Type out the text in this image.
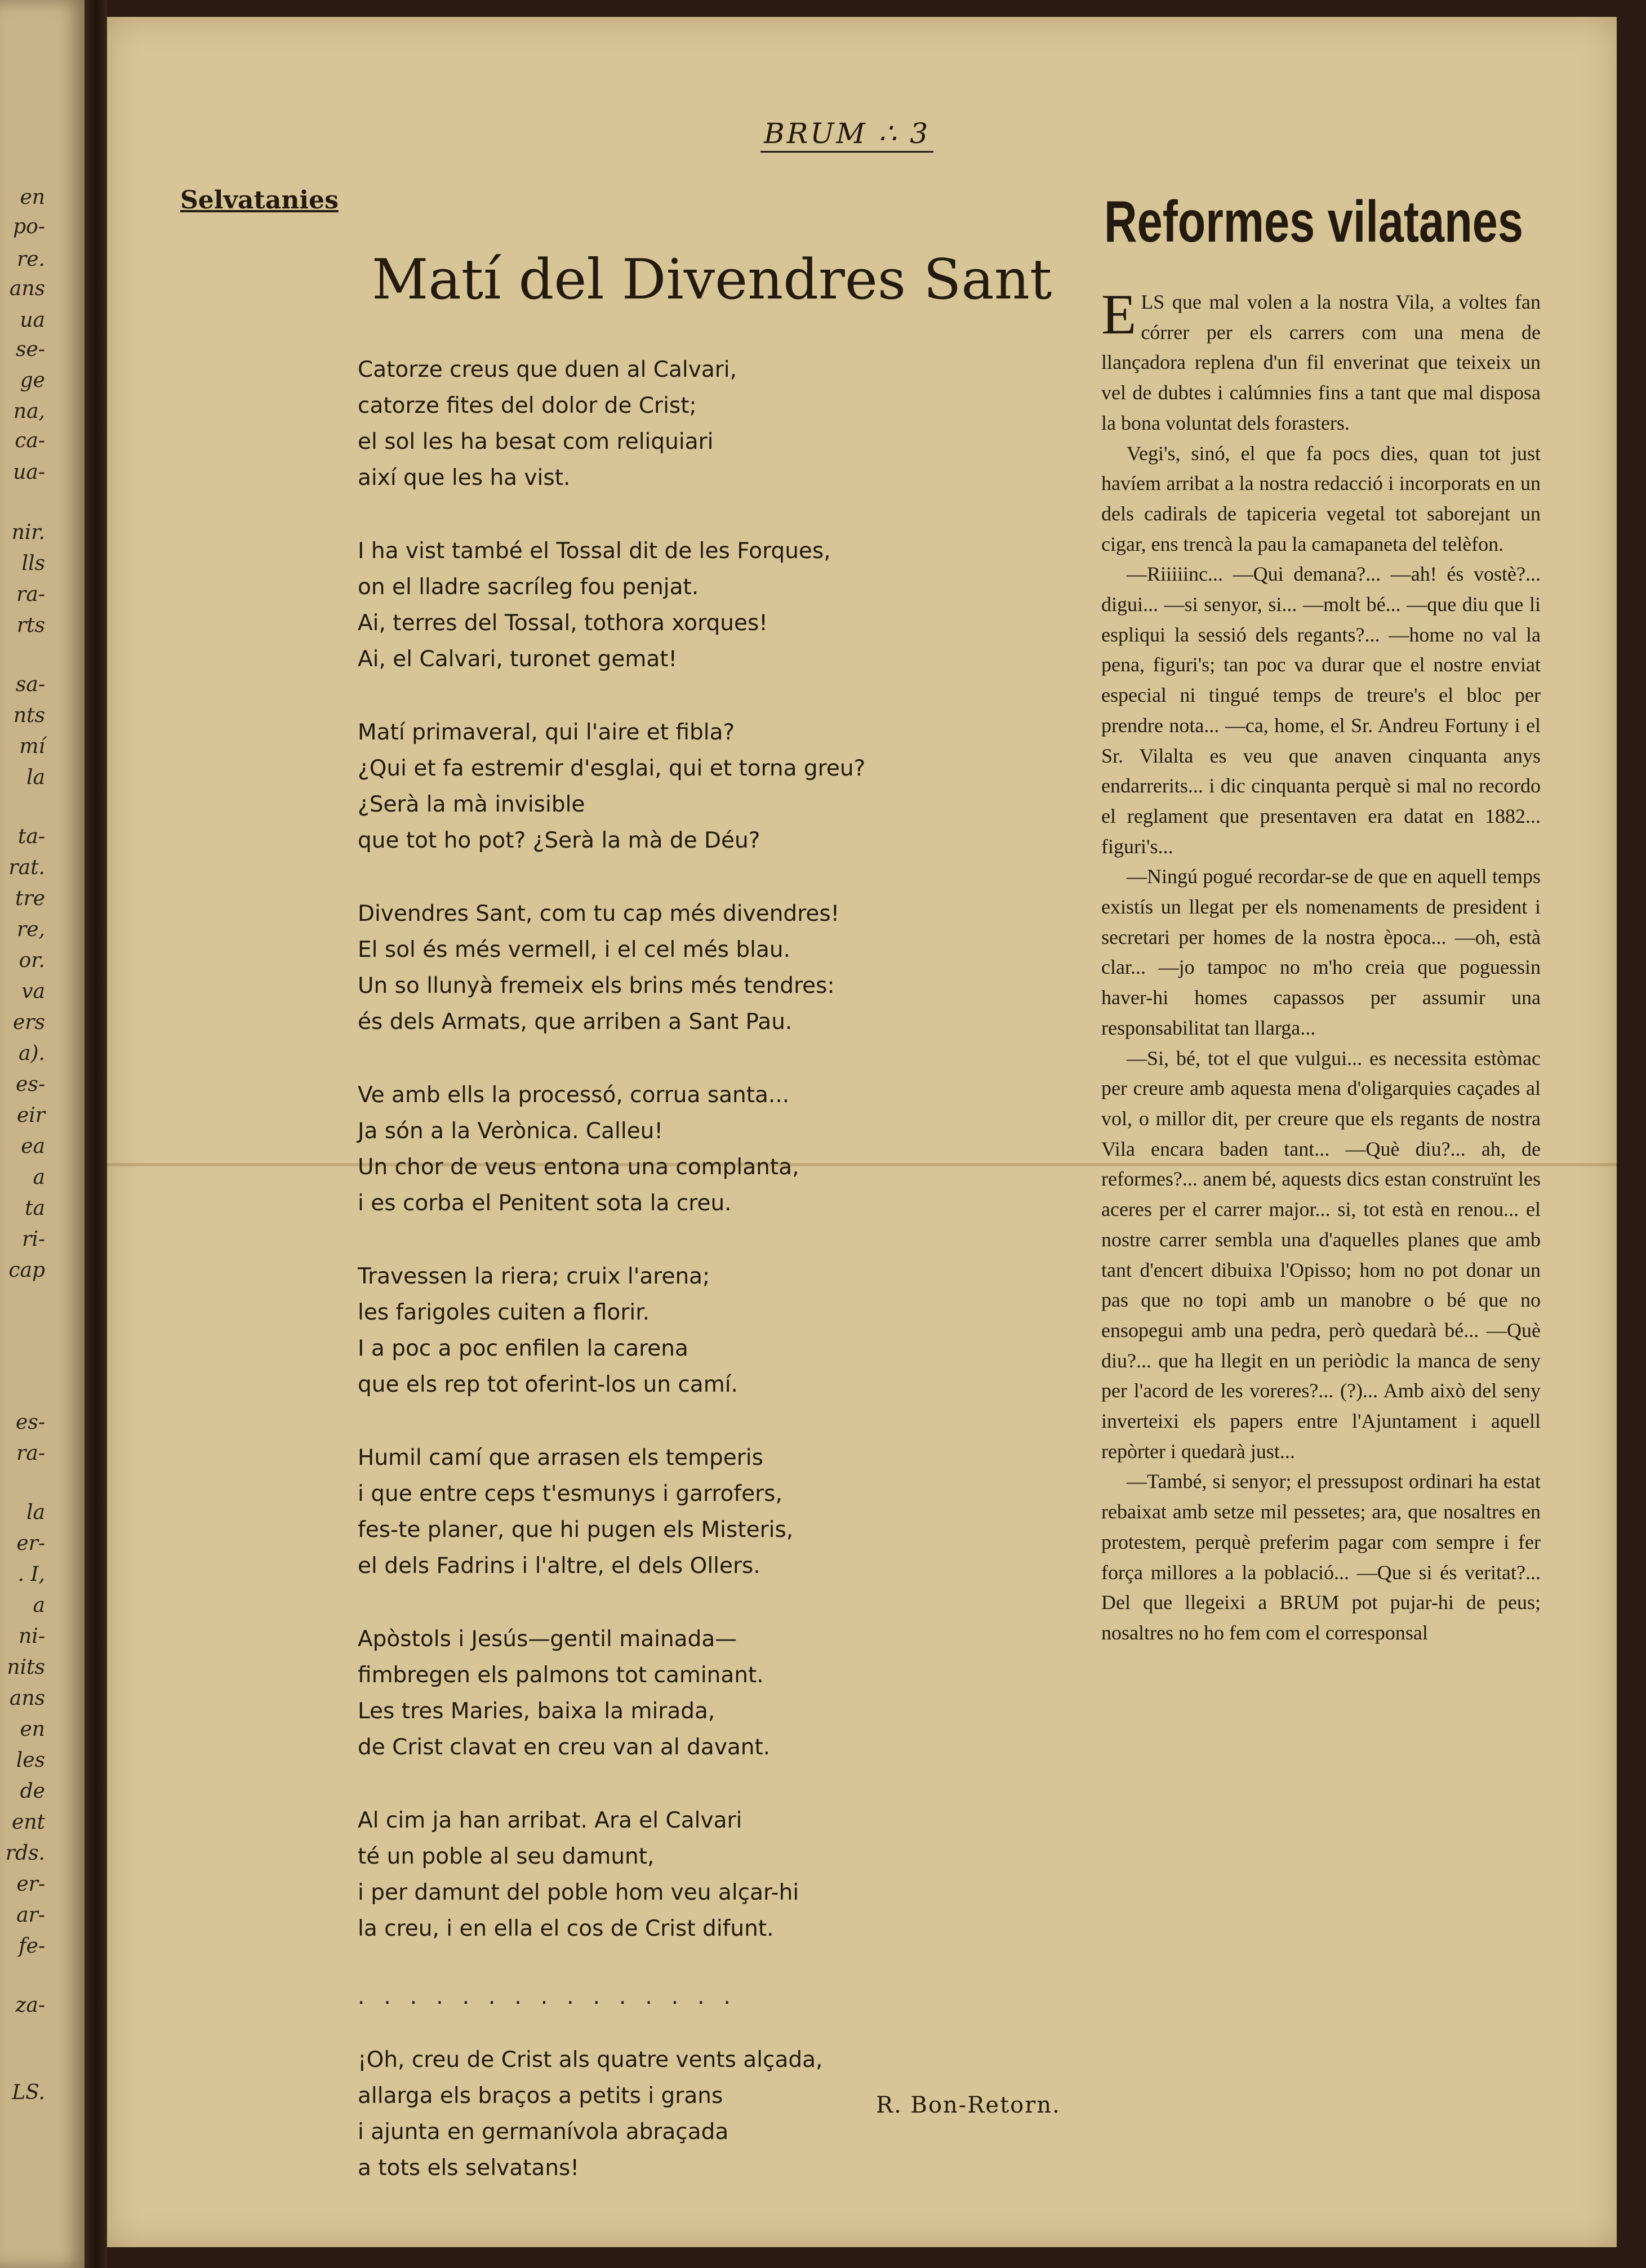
en
po-
re.
ans
ua
se-
ge
na,
ca-
ua-
nir.
lls
ra-
rts
sa-
nts
mí
la
ta-
rat.
tre
re,
or.
va
ers
a).
es-
eir
ea
a
ta
ri-
cap
es-
ra-
la
er-
. I,
a
ni-
nits
ans
en
les
de
ent
rds.
er-
ar-
fe-
za-
LS.
BRUM ∴ 3
Selvatanies
Matí del Divendres Sant
Catorze creus que duen al Calvari,
catorze fites del dolor de Crist;
el sol les ha besat com reliquiari
així que les ha vist.
I ha vist també el Tossal dit de les Forques,
on el lladre sacríleg fou penjat.
Ai, terres del Tossal, tothora xorques!
Ai, el Calvari, turonet gemat!
Matí primaveral, qui l'aire et fibla?
¿Qui et fa estremir d'esglai, qui et torna greu?
¿Serà la mà invisible
que tot ho pot? ¿Serà la mà de Déu?
Divendres Sant, com tu cap més divendres!
El sol és més vermell, i el cel més blau.
Un so llunyà fremeix els brins més tendres:
és dels Armats, que arriben a Sant Pau.
Ve amb ells la processó, corrua santa...
Ja són a la Verònica. Calleu!
Un chor de veus entona una complanta,
i es corba el Penitent sota la creu.
Travessen la riera; cruix l'arena;
les farigoles cuiten a florir.
I a poc a poc enfilen la carena
que els rep tot oferint-los un camí.
Humil camí que arrasen els temperis
i que entre ceps t'esmunys i garrofers,
fes-te planer, que hi pugen els Misteris,
el dels Fadrins i l'altre, el dels Ollers.
Apòstols i Jesús—gentil mainada—
fimbregen els palmons tot caminant.
Les tres Maries, baixa la mirada,
de Crist clavat en creu van al davant.
Al cim ja han arribat. Ara el Calvari
té un poble al seu damunt,
i per damunt del poble hom veu alçar-hi
la creu, i en ella el cos de Crist difunt.
...............
¡Oh, creu de Crist als quatre vents alçada,
allarga els braços a petits i grans
i ajunta en germanívola abraçada
a tots els selvatans!
R. Bon-Retorn.
Reformes vilatanes

ELS que mal volen a la nostra Vila, a voltes fan córrer per els carrers com una mena de llançadora replena d'un fil enverinat que teixeix un vel de dubtes i calúmnies fins a tant que mal disposa la bona voluntat dels forasters.

Vegi's, sinó, el que fa pocs dies, quan tot just havíem arribat a la nostra redacció i incorporats en un dels cadirals de tapiceria vegetal tot saborejant un cigar, ens trencà la pau la camapaneta del telèfon.

—Riiiiinc... —Qui demana?... —ah! és vostè?... digui... —si senyor, si... —molt bé... —que diu que li espliqui la sessió dels regants?... —home no val la pena, figuri's; tan poc va durar que el nostre enviat especial ni tingué temps de treure's el bloc per prendre nota... —ca, home, el Sr. Andreu Fortuny i el Sr. Vilalta es veu que anaven cinquanta anys endarrerits... i dic cinquanta perquè si mal no recordo el reglament que presentaven era datat en 1882... figuri's...

—Ningú pogué recordar-se de que en aquell temps existís un llegat per els nomenaments de president i secretari per homes de la nostra època... —oh, està clar... —jo tampoc no m'ho creia que poguessin haver-hi homes capassos per assumir una responsabilitat tan llarga...

—Si, bé, tot el que vulgui... es necessita estòmac per creure amb aquesta mena d'oligarquies caçades al vol, o millor dit, per creure que els regants de nostra Vila encara baden tant... —Què diu?... ah, de reformes?... anem bé, aquests dics estan construïnt les aceres per el carrer major... si, tot està en renou... el nostre carrer sembla una d'aquelles planes que amb tant d'encert dibuixa l'Opisso; hom no pot donar un pas que no topi amb un manobre o bé que no ensopegui amb una pedra, però quedarà bé... —Què diu?... que ha llegit en un periòdic la manca de seny per l'acord de les voreres?... (?)... Amb això del seny inverteixi els papers entre l'Ajuntament i aquell repòrter i quedarà just...

—També, si senyor; el pressupost ordinari ha estat rebaixat amb setze mil pessetes; ara, que nosaltres en protestem, perquè preferim pagar com sempre i fer força millores a la població... —Que si és veritat?... Del que llegeixi a BRUM pot pujar-hi de peus; nosaltres no ho fem com el corresponsal
